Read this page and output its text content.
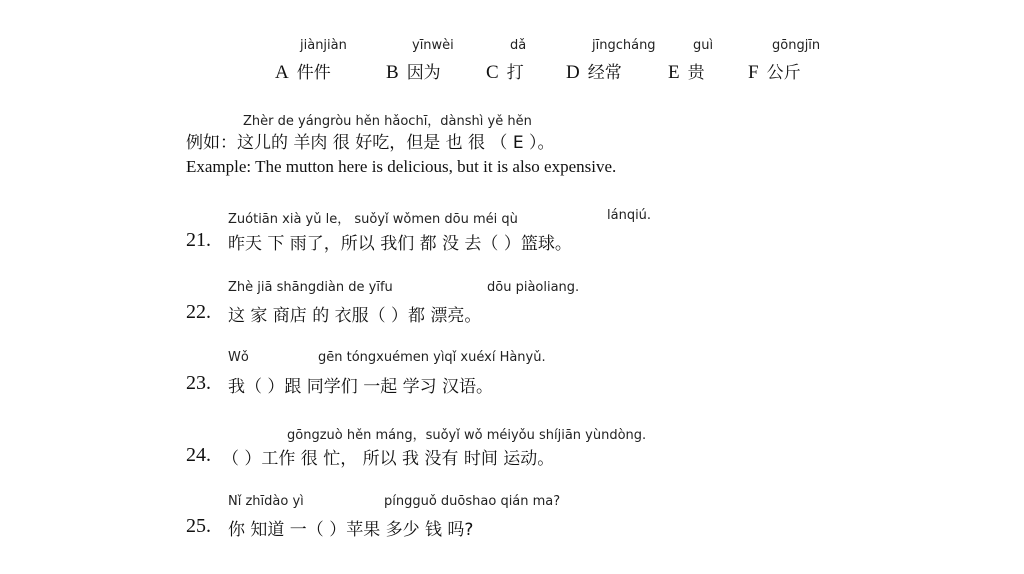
jiànjiàn
A 件件
yīnwèi
B 因为
dǎ
C 打
jīngcháng
D 经常
guì
E 贵
gōngjīn
F 公斤
Zhèr de yángròu hěn hǎochī，dànshì yě hěn
例如：这儿的 羊肉 很 好吃，但是 也 很 （ E ）。
Example: The mutton here is delicious, but it is also expensive.
Zuótiān xià yǔ le， suǒyǐ wǒmen dōu méi qù	lánqiú.
21. 昨天 下 雨了，所以 我们 都 没 去（ ）篮球。
Zhè jiā shāngdiàn de yīfu	dōu piàoliang.
22. 这 家 商店 的 衣服（ ）都 漂亮。
Wǒ	gēn tóngxuémen yìqǐ xuéxí Hànyǔ.
23. 我（ ）跟 同学们 一起 学习 汉语。
gōngzuò hěn máng，suǒyǐ wǒ méiyǒu shíjiān yùndòng.
24. （ ）工作 很 忙， 所以 我 没有 时间 运动。
Nǐ zhīdào yì	píngguǒ duōshao qián ma?
25. 你 知道 一（ ）苹果 多少 钱 吗?
